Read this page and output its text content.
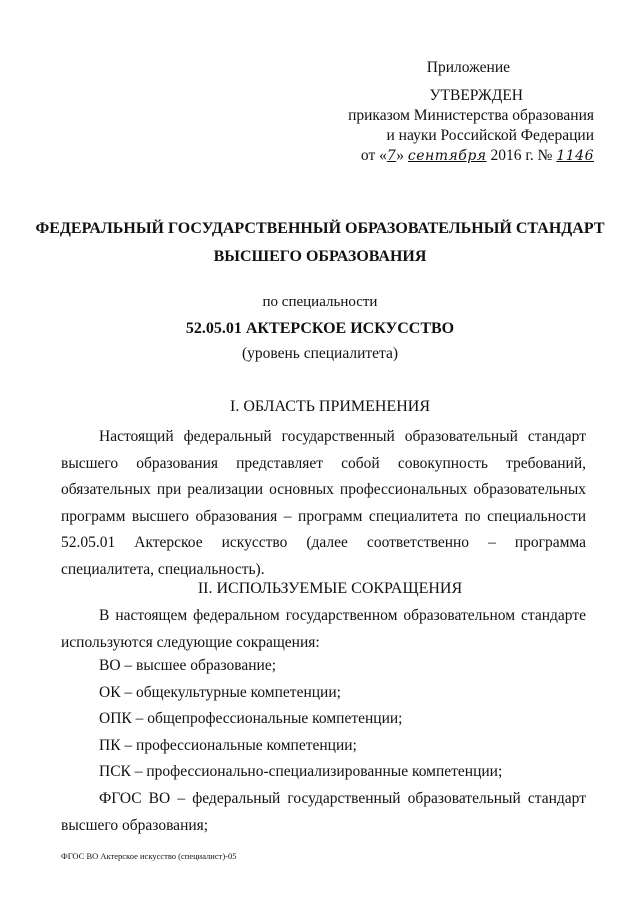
Приложение
УТВЕРЖДЕН
приказом Министерства образования
и науки Российской Федерации
от «7» сентября 2016 г. № 1146
ФЕДЕРАЛЬНЫЙ ГОСУДАРСТВЕННЫЙ ОБРАЗОВАТЕЛЬНЫЙ СТАНДАРТ
ВЫСШЕГО ОБРАЗОВАНИЯ
по специальности
52.05.01 АКТЕРСКОЕ ИСКУССТВО
(уровень специалитета)
I. ОБЛАСТЬ ПРИМЕНЕНИЯ
Настоящий федеральный государственный образовательный стандарт высшего образования представляет собой совокупность требований, обязательных при реализации основных профессиональных образовательных программ высшего образования – программ специалитета по специальности 52.05.01 Актерское искусство (далее соответственно – программа специалитета, специальность).
II. ИСПОЛЬЗУЕМЫЕ СОКРАЩЕНИЯ
В настоящем федеральном государственном образовательном стандарте используются следующие сокращения:
ВО – высшее образование;
ОК – общекультурные компетенции;
ОПК – общепрофессиональные компетенции;
ПК – профессиональные компетенции;
ПСК – профессионально-специализированные компетенции;
ФГОС ВО – федеральный государственный образовательный стандарт высшего образования;
ФГОС ВО Актерское искусство (специалист)-05
